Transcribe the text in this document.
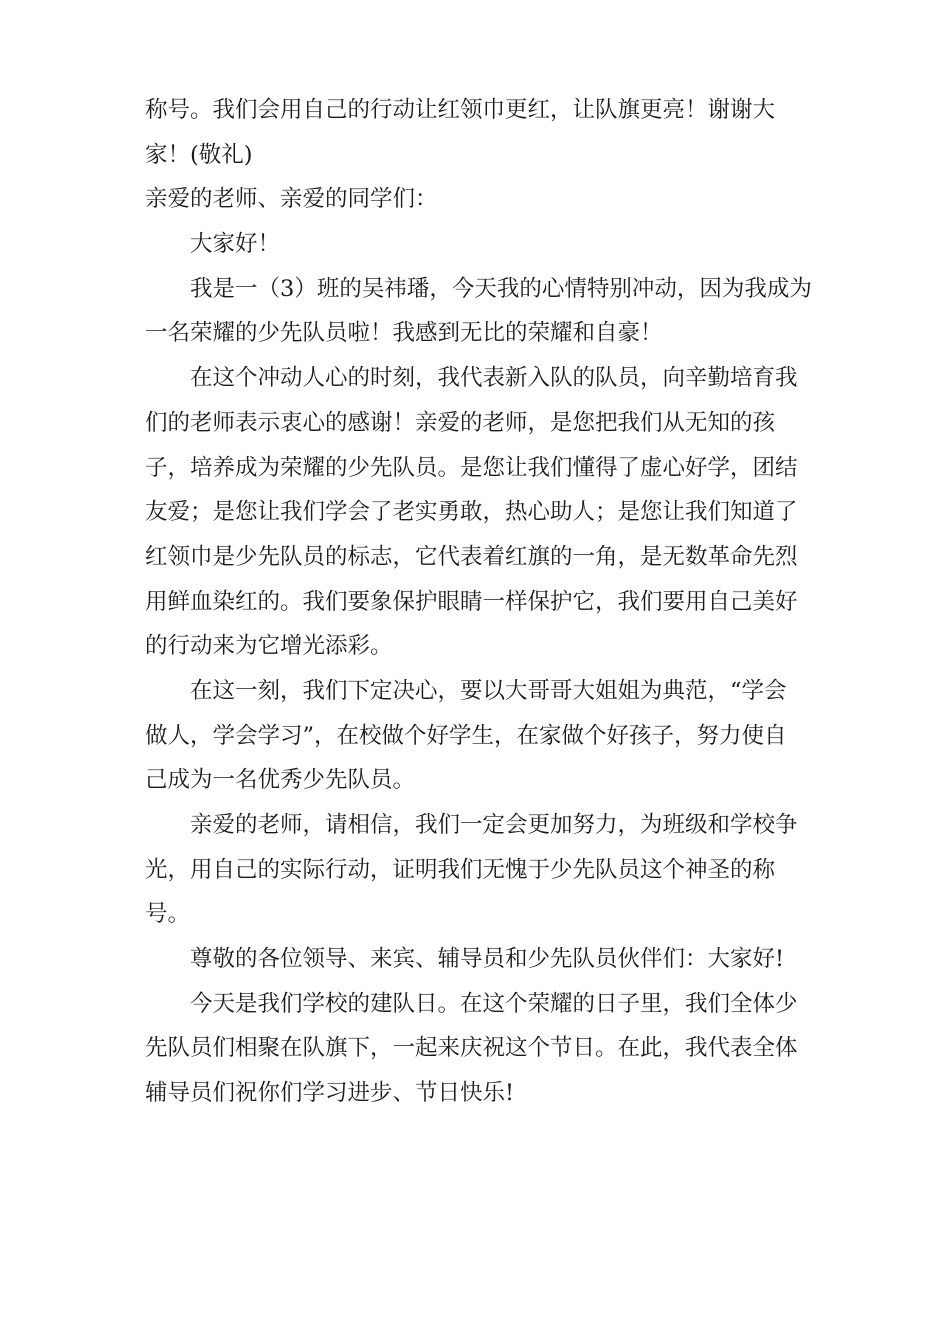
称号。我们会用自己的行动让红领巾更红，让队旗更亮！谢谢大
家！(敬礼)
亲爱的老师、亲爱的同学们：
大家好！
我是一（3）班的吴祎璠，今天我的心情特别冲动，因为我成为
一名荣耀的少先队员啦！我感到无比的荣耀和自豪！
在这个冲动人心的时刻，我代表新入队的队员，向辛勤培育我
们的老师表示衷心的感谢！亲爱的老师，是您把我们从无知的孩
子，培养成为荣耀的少先队员。是您让我们懂得了虚心好学，团结
友爱；是您让我们学会了老实勇敢，热心助人；是您让我们知道了
红领巾是少先队员的标志，它代表着红旗的一角，是无数革命先烈
用鲜血染红的。我们要象保护眼睛一样保护它，我们要用自己美好
的行动来为它增光添彩。
在这一刻，我们下定决心，要以大哥哥大姐姐为典范，“学会
做人，学会学习”，在校做个好学生，在家做个好孩子，努力使自
己成为一名优秀少先队员。
亲爱的老师，请相信，我们一定会更加努力，为班级和学校争
光，用自己的实际行动，证明我们无愧于少先队员这个神圣的称
号。
尊敬的各位领导、来宾、辅导员和少先队员伙伴们：大家好!
今天是我们学校的建队日。在这个荣耀的日子里，我们全体少
先队员们相聚在队旗下，一起来庆祝这个节日。在此，我代表全体
辅导员们祝你们学习进步、节日快乐!
